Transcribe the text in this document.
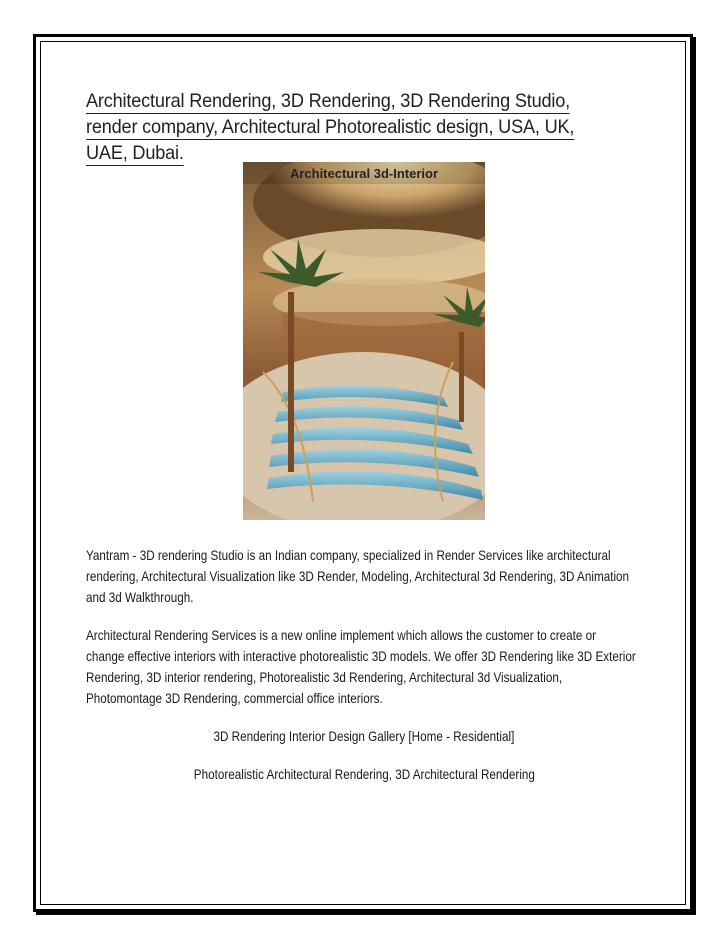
Architectural Rendering, 3D Rendering, 3D Rendering Studio, render company, Architectural Photorealistic design, USA, UK, UAE, Dubai.
Architectural 3d-Interior

Yantram - 3D rendering Studio is an Indian company, specialized in Render Services like architectural rendering, Architectural Visualization like 3D Render, Modeling, Architectural 3d Rendering, 3D Animation and 3d Walkthrough.

Architectural Rendering Services is a new online implement which allows the customer to create or change effective interiors with interactive photorealistic 3D models. We offer 3D Rendering like 3D Exterior Rendering, 3D interior rendering, Photorealistic 3d Rendering, Architectural 3d Visualization, Photomontage 3D Rendering, commercial office interiors.

3D Rendering Interior Design Gallery [Home - Residential]
Photorealistic Architectural Rendering, 3D Architectural Rendering
